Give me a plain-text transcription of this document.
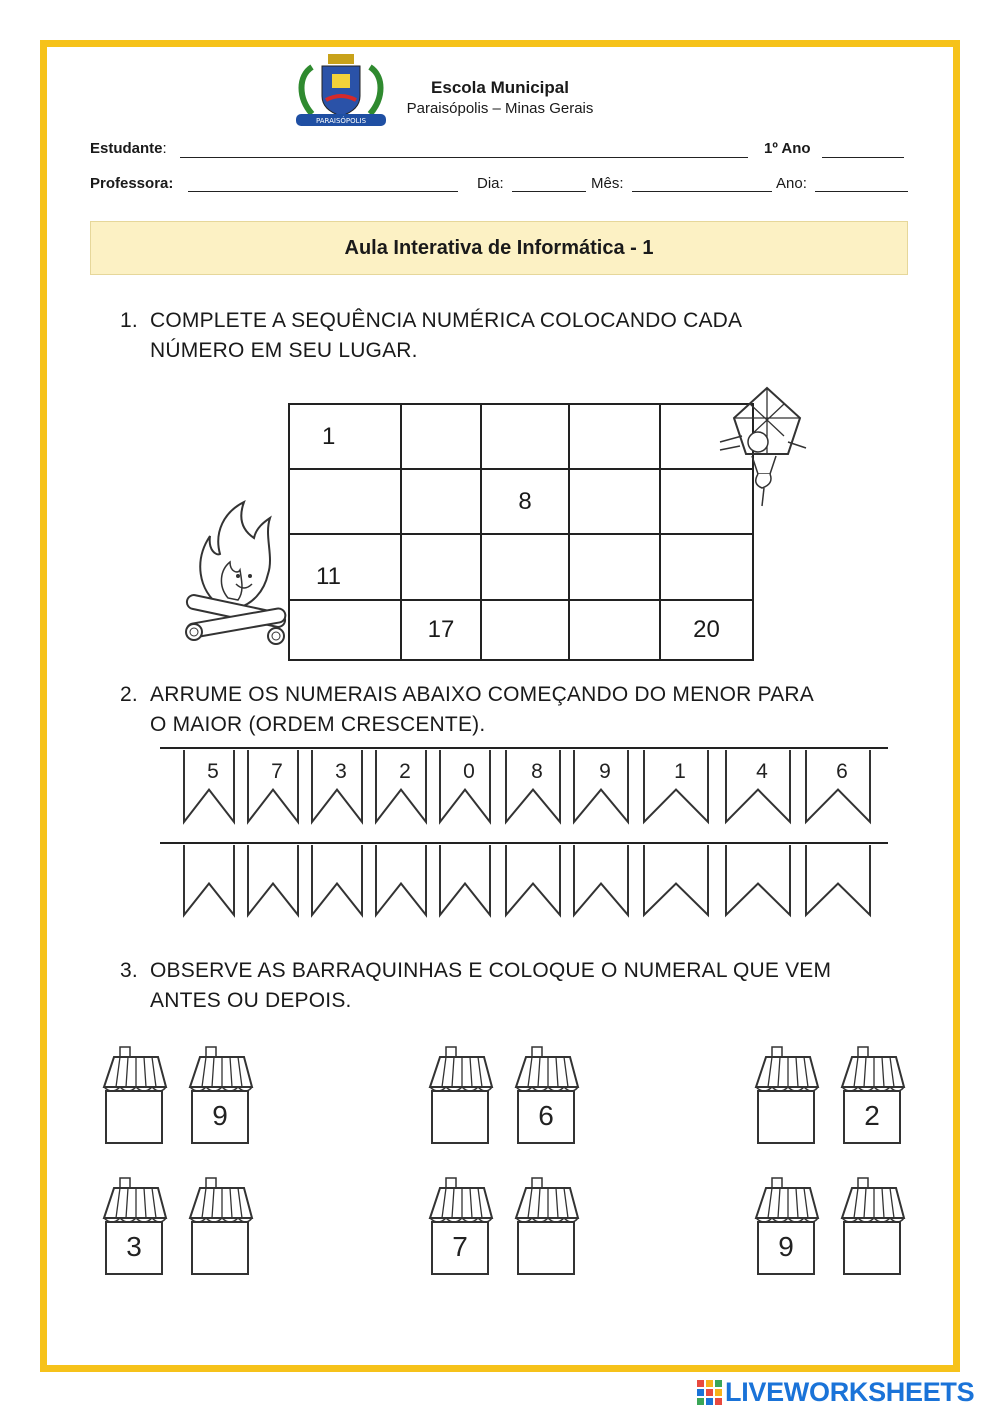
PARAISÓPOLIS
Escola Municipal
Paraisópolis – Minas Gerais
Estudante:	1º Ano
Professora:	Dia:	Mês:	Ano:
Aula Interativa de Informática - 1
1. COMPLETE A SEQUÊNCIA NUMÉRICA COLOCANDO CADA
NÚMERO EM SEU LUGAR.
1				
		8		
11				
	17			20
2. ARRUME OS NUMERAIS ABAIXO COMEÇANDO DO MENOR PARA
O MAIOR (ORDEM CRESCENTE).
5 7 3 2 0	8	9	1	4	6
3. OBSERVE AS BARRAQUINHAS E COLOQUE O NUMERAL QUE VEM
ANTES OU DEPOIS.
LIVEWORKSHEETS
9	6	2
3	7	9
